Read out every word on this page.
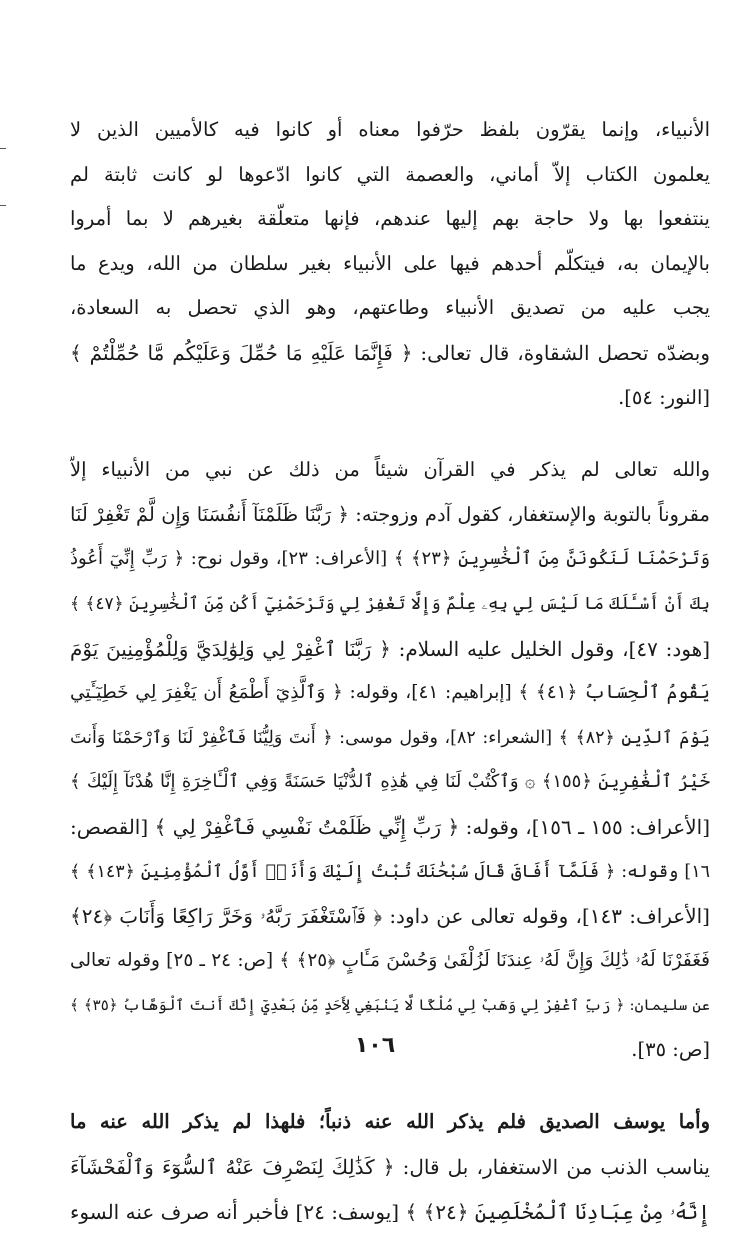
الأنبياء، وإنما يقرّون بلفظ حرّفوا معناه أو كانوا فيه كالأميين الذين لا
يعلمون الكتاب إلاّ أماني، والعصمة التي كانوا ادّعوها لو كانت ثابتة لم
ينتفعوا بها ولا حاجة بهم إليها عندهم، فإنها متعلّقة بغيرهم لا بما أمروا
بالإيمان به، فيتكلّم أحدهم فيها على الأنبياء بغير سلطان من الله، ويدع ما
يجب عليه من تصديق الأنبياء وطاعتهم، وهو الذي تحصل به السعادة،
وبضدّه تحصل الشقاوة، قال تعالى: ﴿ فَإِنَّمَا عَلَيْهِ مَا حُمِّلَ وَعَلَيْكُم مَّا حُمِّلْتُمْ ﴾
[النور: ٥٤].

والله تعالى لم يذكر في القرآن شيئاً من ذلك عن نبي من الأنبياء إلاّ
مقروناً بالتوبة والإستغفار، كقول آدم وزوجته: ﴿ رَبَّنَا ظَلَمْنَآ أَنفُسَنَا وَإِن لَّمْ تَغْفِرْ لَنَا
وَتَرْحَمْنَا لَنَكُونَنَّ مِنَ ٱلْخَٰسِرِينَ ﴿٢٣﴾ ﴾ [الأعراف: ٢٣]، وقول نوح: ﴿ رَبِّ إِنِّيٓ أَعُوذُ
بِكَ أَنْ أَسْـَٔلَكَ مَا لَيْسَ لِي بِهِۦ عِلْمٌ وَإِلَّا تَغْفِرْ لِي وَتَرْحَمْنِيٓ أَكُن مِّنَ ٱلْخَٰسِرِينَ ﴿٤٧﴾ ﴾
[هود: ٤٧]، وقول الخليل عليه السلام: ﴿ رَبَّنَا ٱغْفِرْ لِي وَلِوَٰلِدَيَّ وَلِلْمُؤْمِنِينَ يَوْمَ
يَقُومُ ٱلْحِسَابُ ﴿٤١﴾ ﴾ [إبراهيم: ٤١]، وقوله: ﴿ وَٱلَّذِيٓ أَطْمَعُ أَن يَغْفِرَ لِي خَطِيٓـَٔتِي
يَوْمَ ٱلدِّينِ ﴿٨٢﴾ ﴾ [الشعراء: ٨٢]، وقول موسى: ﴿ أَنتَ وَلِيُّنَا فَٱغْفِرْ لَنَا وَٱرْحَمْنَا وَأَنتَ
خَيْرُ ٱلْغَٰفِرِينَ ﴿١٥٥﴾ ۞ وَٱكْتُبْ لَنَا فِي هَٰذِهِ ٱلدُّنْيَا حَسَنَةً وَفِي ٱلْـَٔاخِرَةِ إِنَّا هُدْنَآ إِلَيْكَ ﴾
[الأعراف: ١٥٥ ـ ١٥٦]، وقوله: ﴿ رَبِّ إِنِّي ظَلَمْتُ نَفْسِي فَٱغْفِرْ لِي ﴾ [القصص:
١٦] وقوله: ﴿ فَلَمَّآ أَفَاقَ قَالَ سُبْحَٰنَكَ تُبْتُ إِلَيْكَ وَأَنَا۠ أَوَّلُ ٱلْمُؤْمِنِينَ ﴿١٤٣﴾ ﴾
[الأعراف: ١٤٣]، وقوله تعالى عن داود: ﴿ فَٱسْتَغْفَرَ رَبَّهُۥ وَخَرَّ رَاكِعًا وَأَنَابَ ﴿٢٤﴾
فَغَفَرْنَا لَهُۥ ذَٰلِكَ وَإِنَّ لَهُۥ عِندَنَا لَزُلْفَىٰ وَحُسْنَ مَـَٔابٍ ﴿٢٥﴾ ﴾ [ص: ٢٤ ـ ٢٥] وقوله تعالى
عن سليمان: ﴿ رَبِّ ٱغْفِرْ لِي وَهَبْ لِي مُلْكًا لَّا يَنۢبَغِي لِأَحَدٍ مِّنۢ بَعْدِيٓ إِنَّكَ أَنتَ ٱلْوَهَّابُ ﴿٣٥﴾ ﴾
[ص: ٣٥].

وأما يوسف الصديق فلم يذكر الله عنه ذنباً؛ فلهذا لم يذكر الله عنه ما
يناسب الذنب من الاستغفار، بل قال: ﴿ كَذَٰلِكَ لِنَصْرِفَ عَنْهُ ٱلسُّوٓءَ وَٱلْفَحْشَآءَ
إِنَّهُۥ مِنْ عِبَادِنَا ٱلْمُخْلَصِينَ ﴿٢٤﴾ ﴾ [يوسف: ٢٤] فأخبر أنه صرف عنه السوء

١٠٦
